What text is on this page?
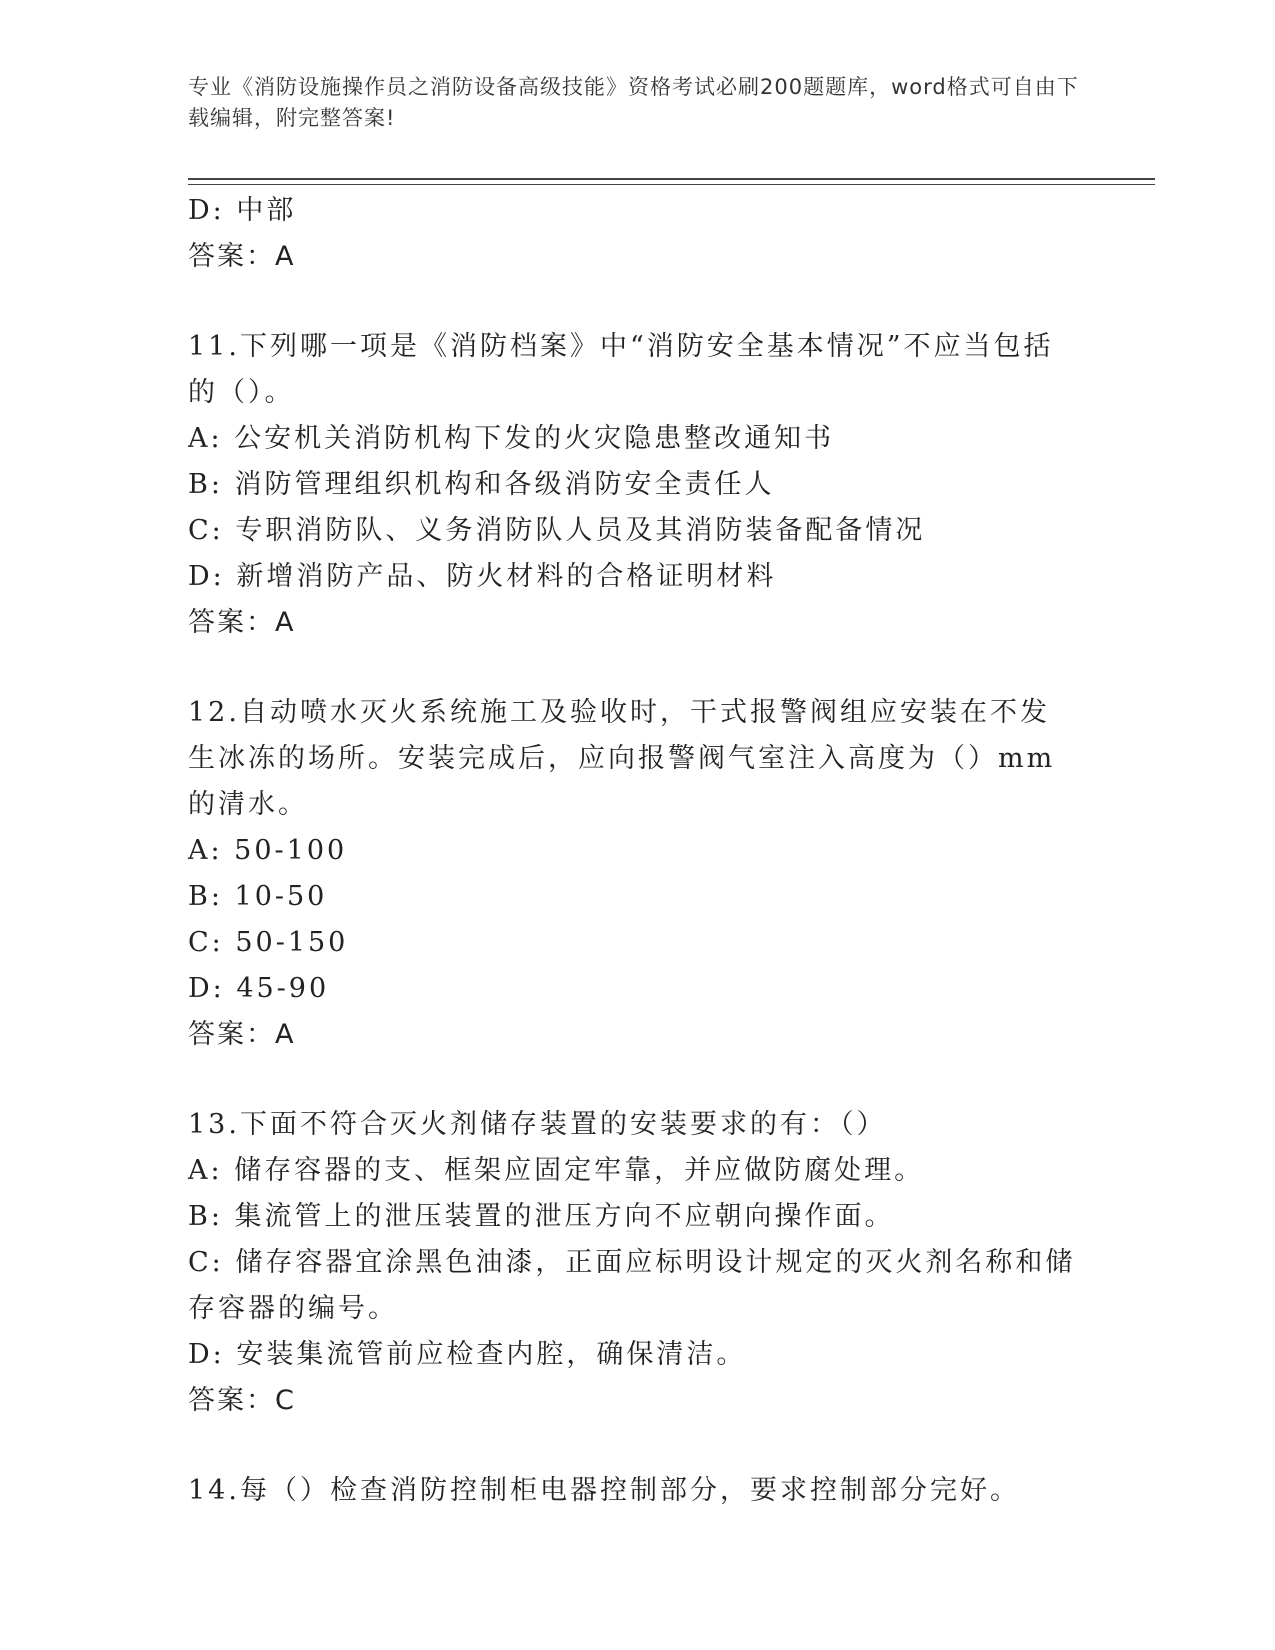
专业《消防设施操作员之消防设备高级技能》资格考试必刷200题题库，word格式可自由下载编辑，附完整答案!
D: 中部
答案：A
11.下列哪一项是《消防档案》中“消防安全基本情况”不应当包括的（）。
A: 公安机关消防机构下发的火灾隐患整改通知书
B: 消防管理组织机构和各级消防安全责任人
C: 专职消防队、义务消防队人员及其消防装备配备情况
D: 新增消防产品、防火材料的合格证明材料
答案：A
12.自动喷水灭火系统施工及验收时，干式报警阀组应安装在不发生冰冻的场所。安装完成后，应向报警阀气室注入高度为（）mm的清水。
A: 50-100
B: 10-50
C: 50-150
D: 45-90
答案：A
13.下面不符合灭火剂储存装置的安装要求的有：（）
A: 储存容器的支、框架应固定牢靠，并应做防腐处理。
B: 集流管上的泄压装置的泄压方向不应朝向操作面。
C: 储存容器宜涂黑色油漆，正面应标明设计规定的灭火剂名称和储存容器的编号。
D: 安装集流管前应检查内腔，确保清洁。
答案：C
14.每（）检查消防控制柜电器控制部分，要求控制部分完好。
